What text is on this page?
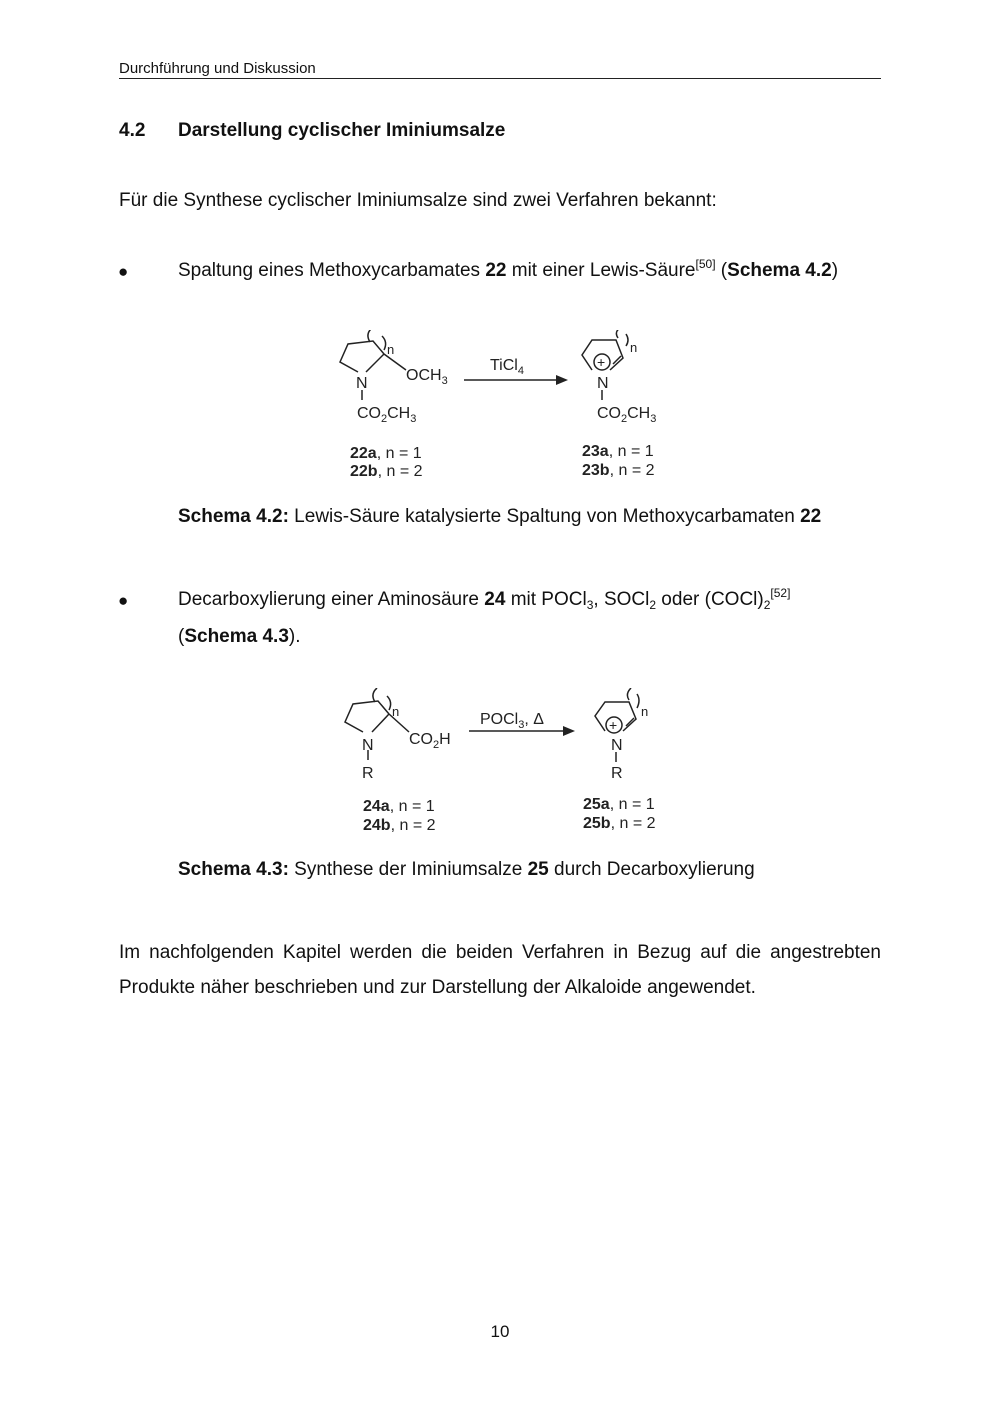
Durchführung und Diskussion
4.2 Darstellung cyclischer Iminiumsalze
Für die Synthese cyclischer Iminiumsalze sind zwei Verfahren bekannt:
●	Spaltung eines Methoxycarbamates 22 mit einer Lewis-Säure[50] (Schema 4.2)
n
N $OCH_3$
$CO_2CH_3$
TiCl$_4$
+
n
N
$CO_2CH_3$
22a, n = 1
22b, n = 2
23a, n = 1
23b, n = 2
Schema 4.2: Lewis-Säure katalysierte Spaltung von Methoxycarbamaten 22
●	Decarboxylierung einer Aminosäure 24 mit POCl$_3$, SOCl$_2$ oder $(COCl)_2[52]$
(Schema 4.3).
n
N $CO_2H$
R
POCl$_3$, Δ	+
n
N
R
24a, n = 1
24b, n = 2
25a, n = 1
25b, n = 2
Schema 4.3: Synthese der Iminiumsalze 25 durch Decarboxylierung
Im nachfolgenden Kapitel werden die beiden Verfahren in Bezug auf die angestrebten Produkte näher beschrieben und zur Darstellung der Alkaloide angewendet.
10
